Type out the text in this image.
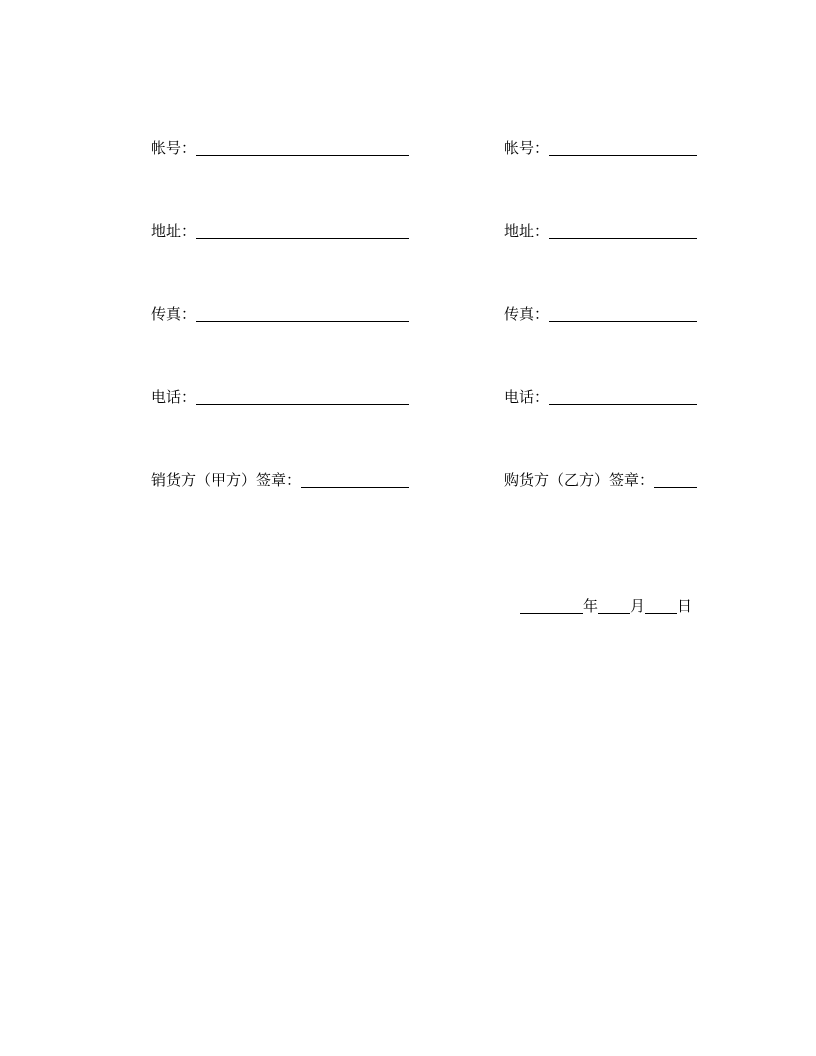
帐号：
地址：
传真：
电话：
销货方（甲方）签章：
帐号：
地址：
传真：
电话：
购货方（乙方）签章：
年 月 日
